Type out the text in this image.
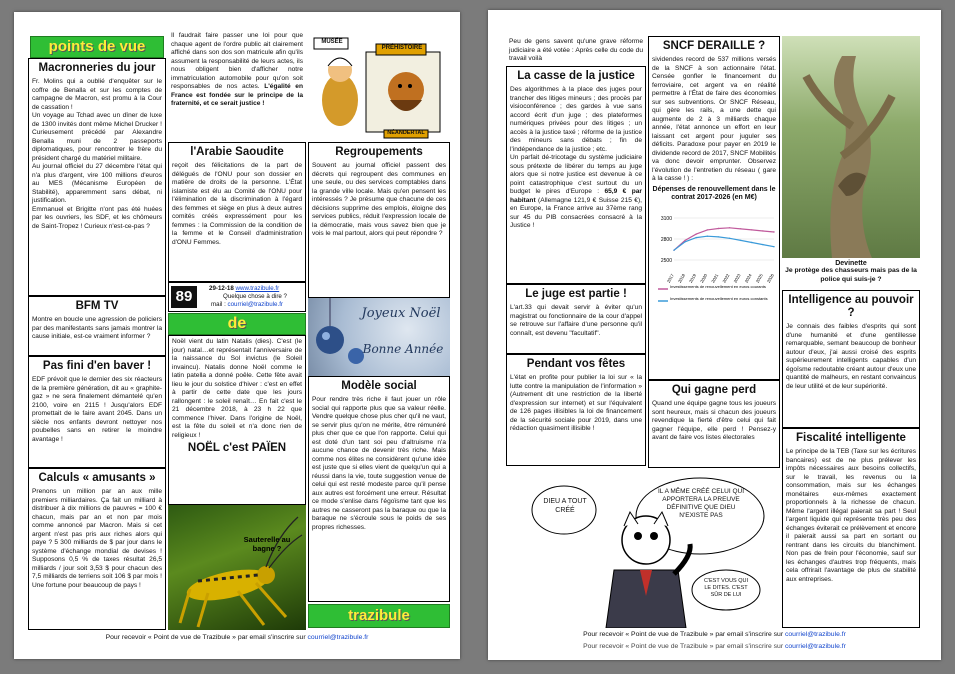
points de vue
Macronneries du jour

Fr. Molins qui a oublié d'enquêter sur le coffre de Benalla et sur les comptes de campagne de Macron, est promu à la Cour de cassation !

Un voyage au Tchad avec un dîner de luxe de 1300 invités dont même Michel Drucker ! Curieusement précédé par Alexandre Benalla muni de 2 passeports diplomatiques, pour rencontrer le frère du président chargé du matériel militaire.

Au journal officiel du 27 décembre l'état qui n'a plus d'argent, vire 100 millions d'euros au MES (Mécanisme Européen de Stabilité), apparemment sans débat, ni justification.

Emmanuel et Brigitte n'ont pas été huées par les ouvriers, les SDF, et les chômeurs de Saint-Tropez ! Curieux n'est-ce-pas ?

BFM TV

Montre en boucle une agression de policiers par des manifestants sans jamais montrer la cause initiale, est-ce vraiment informer ?

Pas fini d'en baver !

EDF prévoit que le dernier des six réacteurs de la première génération, dit au « graphite-gaz » ne sera finalement démantelé qu'en 2100, voire en 2115 ! Jusqu'alors EDF promettait de le faire avant 2045. Dans un siècle nos enfants devront nettoyer nos poubelles sans en retirer le moindre avantage !

Calculs « amusants »

Prenons un million par an aux mille premiers milliardaires. Ça fait un milliard à distribuer à dix millions de pauvres = 100 € chacun, mais par an et non par mois comme annoncé par Macron. Mais si cet argent n'est pas pris aux riches alors qui paye ? 5 300 milliards de $ par jour dans le système d'échange mondial de devises ! Supposons 0,5 % de taxes résultat 26,5 milliards / jour soit 3,53 $ pour chacun des 7,5 milliards de terriens soit 106 $ par mois ! Une fortune pour beaucoup de pays !

Il faudrait faire passer une loi pour que chaque agent de l'ordre public ait clairement affiché dans son dos son matricule afin qu'ils assument la responsabilité de leurs actes, ils nous obligent bien d'afficher notre immatriculation automobile pour qu'on soit responsables de nos actes. L'égalité en France est fondée sur le principe de la fraternité, et ce serait justice !

l'Arabie Saoudite

reçoit des félicitations de la part de délégués de l'ONU pour son dossier en matière de droits de la personne. L'État islamiste est élu au Comité de l'ONU pour l'élimination de la discrimination à l'égard des femmes et siège en plus à deux autres comités créés expressément pour les femmes : la Commission de la condition de la femme et le Conseil d'administration d'ONU Femmes.

89	29-12-18 www.trazibule.fr
Quelque chose à dire ?
mail : courriel@trazibule.fr
de

Noël vient du latin Natalis (dies). C'est (le jour) natal…et représentait l'anniversaire de la naissance du Sol invictus (le Soleil invaincu). Natalis donne Noël comme le latin patella a donné poêle. Cette fête avait lieu le jour du solstice d'hiver : c'est en effet à partir de cette date que les jours rallongent : le soleil renaît… En fait c'est le 21 décembre 2018, à 23 h 22 que commence l'hiver. Dans l'origine de Noël, est la fête du soleil et n'a donc rien de religieux !

NOËL c'est PAÏEN
Sauterelle au bagne ?
MUSÉE
PRÉHISTOIRE
NÉANDERTAL
Regroupements

Souvent au journal officiel passent des décrets qui regroupent des communes en une seule, ou des services comptables dans la grande ville locale. Mais qu'en pensent les intéressés ? Je présume que chacune de ces décisions supprime des emplois, éloigne des services publics, réduit l'expression locale de la démocratie, mais vous savez bien que je vois le mal partout, alors qui peut répondre ?

Joyeux Noël
Bonne Année
Modèle social

Pour rendre très riche il faut jouer un rôle social qui rapporte plus que sa valeur réelle. Vendre quelque chose plus cher qu'il ne vaut, se servir plus qu'on ne mérite, être rémunéré plus cher que ce que l'on rapporte. Celui qui est doté d'un tant soi peu d'altruisme n'a aucune chance de devenir très riche. Mais comme nos élites ne considèrent qu'une idée est juste que si elles vient de quelqu'un qui a réussi dans la vie, toute suggestion venue de celui qui est resté modeste parce qu'il pense aux autres est forcément une erreur. Résultat ce mode s'enlise dans l'égoïsme tant que les autres ne casseront pas la baraque ou que la baraque ne s'écroule sous le poids de ses propres richesses.

trazibule
Pour recevoir « Point de vue de Trazibule » par email s'inscrire sur courriel@trazibule.fr

Peu de gens savent qu'une grave réforme judiciaire a été votée : Après celle du code du travail voilà

La casse de la justice

Des algorithmes à la place des juges pour trancher des litiges mineurs ; des procès par visioconférence ; des gardes à vue sans accord écrit d'un juge ; des plateformes numériques privées pour des litiges ; un accès à la justice taxé ; réforme de la justice des mineurs sans débats ; fin de l'indépendance de la justice ; etc.

Un parfait dé-tricotage du système judiciaire sous prétexte de libérer du temps au juge alors que si notre justice est devenue à ce point catastrophique c'est surtout du un budget le pires d'Europe : 65,9 € par habitant (Allemagne 121,9 € Suisse 215 €), en Europe, la France arrive au 37ème rang sur 45 du PIB consacrées consacré à la Justice !

Le juge est partie !

L'art.33 qui devait servir à éviter qu'un magistrat ou fonctionnaire de la cour d'appel se retrouve sur l'affaire d'une personne qu'il connaît, est devenu "facultatif".

Pendant vos fêtes

L'état en profite pour publier la loi sur « la lutte contre la manipulation de l'information » (Autrement dit une restriction de la liberté d'expression sur internet) et sur l'équivalent de 126 pages illisibles la loi de financement de la sécurité sociale pour 2019, dans une rédaction quasiment illisible !

SNCF DERAILLE ?

sividendes record de 537 millions versés de la SNCF à son actionnaire l'état. Censée gonfler le financement du ferroviaire, cet argent va en réalité permettre à l'État de faire des économies sur ses subventions. Or SNCF Réseau, qui gère les rails, a une dette qui augmente de 2 à 3 milliards chaque année, l'état annonce un effort en leur laissant cet argent pour juguler ses déficits. Paradoxe pour payer en 2019 le dividende record de 2017, SNCF Mobilités va donc devoir emprunter. Observez l'évolution de l'entretien du réseau ( gare à la casse ! ) :

Dépenses de renouvellement dans le contrat 2017-2026 (en M€)
2500
2800
3100
2017 2018 2019 2020 2021 2022 2023 2024 2025 2026
Investissements de renouvellement en euros courants
Investissements de renouvellement en euros constants
Qui gagne perd

Quand une équipe gagne tous les joueurs sont heureux, mais si chacun des joueurs revendique la fierté d'être celui qui fait gagner l'équipe, elle perd ! Pensez-y avant de faire vos listes électorales

DIEU A TOUT CRÉÉ
IL A MÊME CRÉÉ CELUI QUI APPORTERA LA PREUVE DÉFINITIVE QUE DIEU N'EXISTE PAS
C'EST VOUS QUI LE DITES. C'EST SÛR DE LUI
Devinette
Je protège des chasseurs mais pas de la police qui suis-je ?
Intelligence au pouvoir ?

Je connais des faibles d'esprits qui sont d'une humanité et d'une gentillesse remarquable, semant beaucoup de bonheur autour d'eux, j'ai aussi croisé des esprits supérieurement intelligents capables d'un égoïsme redoutable créant autour d'eux une quantité de malheurs, en restant convaincus de leur utilité et de leur supériorité.

Fiscalité intelligente

Le principe de la TEB (Taxe sur les écritures bancaires) est de ne plus prélever les impôts nécessaires aux besoins collectifs, sur le travail, les revenus ou la consommation, mais sur les échanges monétaires eux-mêmes exactement proportionnels à la richesse de chacun. Même l'argent illégal paierait sa part ! Seul l'argent liquide qui représente très peu des échanges éviterait ce prélèvement et encore il paierait aussi sa part en sortant ou rentrant dans les circuits du blanchiment. Non pas de frein pour l'économie, sauf sur les échanges d'autres trop fréquents, mais cela offrirait l'avantage de plus de stabilité aux entreprises.

Pour recevoir « Point de vue de Trazibule » par email s'inscrire sur courriel@trazibule.fr
Pour recevoir « Point de vue de Trazibule » par email s'inscrire sur courriel@trazibule.fr
